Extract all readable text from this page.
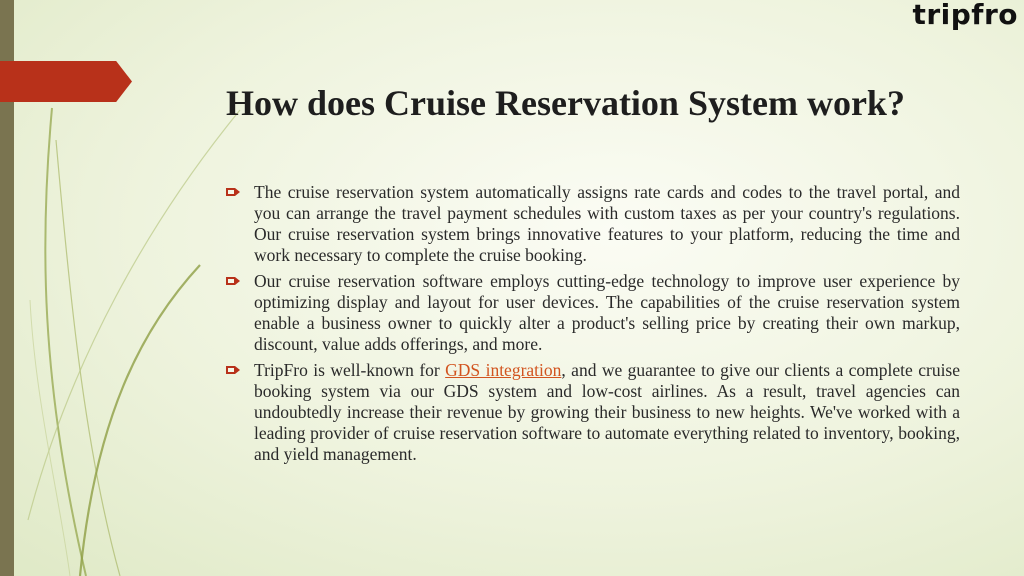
tripfro
How does Cruise Reservation System work?
The cruise reservation system automatically assigns rate cards and codes to the travel portal, and you can arrange the travel payment schedules with custom taxes as per your country's regulations. Our cruise reservation system brings innovative features to your platform, reducing the time and work necessary to complete the cruise booking.
Our cruise reservation software employs cutting-edge technology to improve user experience by optimizing display and layout for user devices. The capabilities of the cruise reservation system enable a business owner to quickly alter a product's selling price by creating their own markup, discount, value adds offerings, and more.
TripFro is well-known for GDS integration, and we guarantee to give our clients a complete cruise booking system via our GDS system and low-cost airlines. As a result, travel agencies can undoubtedly increase their revenue by growing their business to new heights. We've worked with a leading provider of cruise reservation software to automate everything related to inventory, booking, and yield management.
